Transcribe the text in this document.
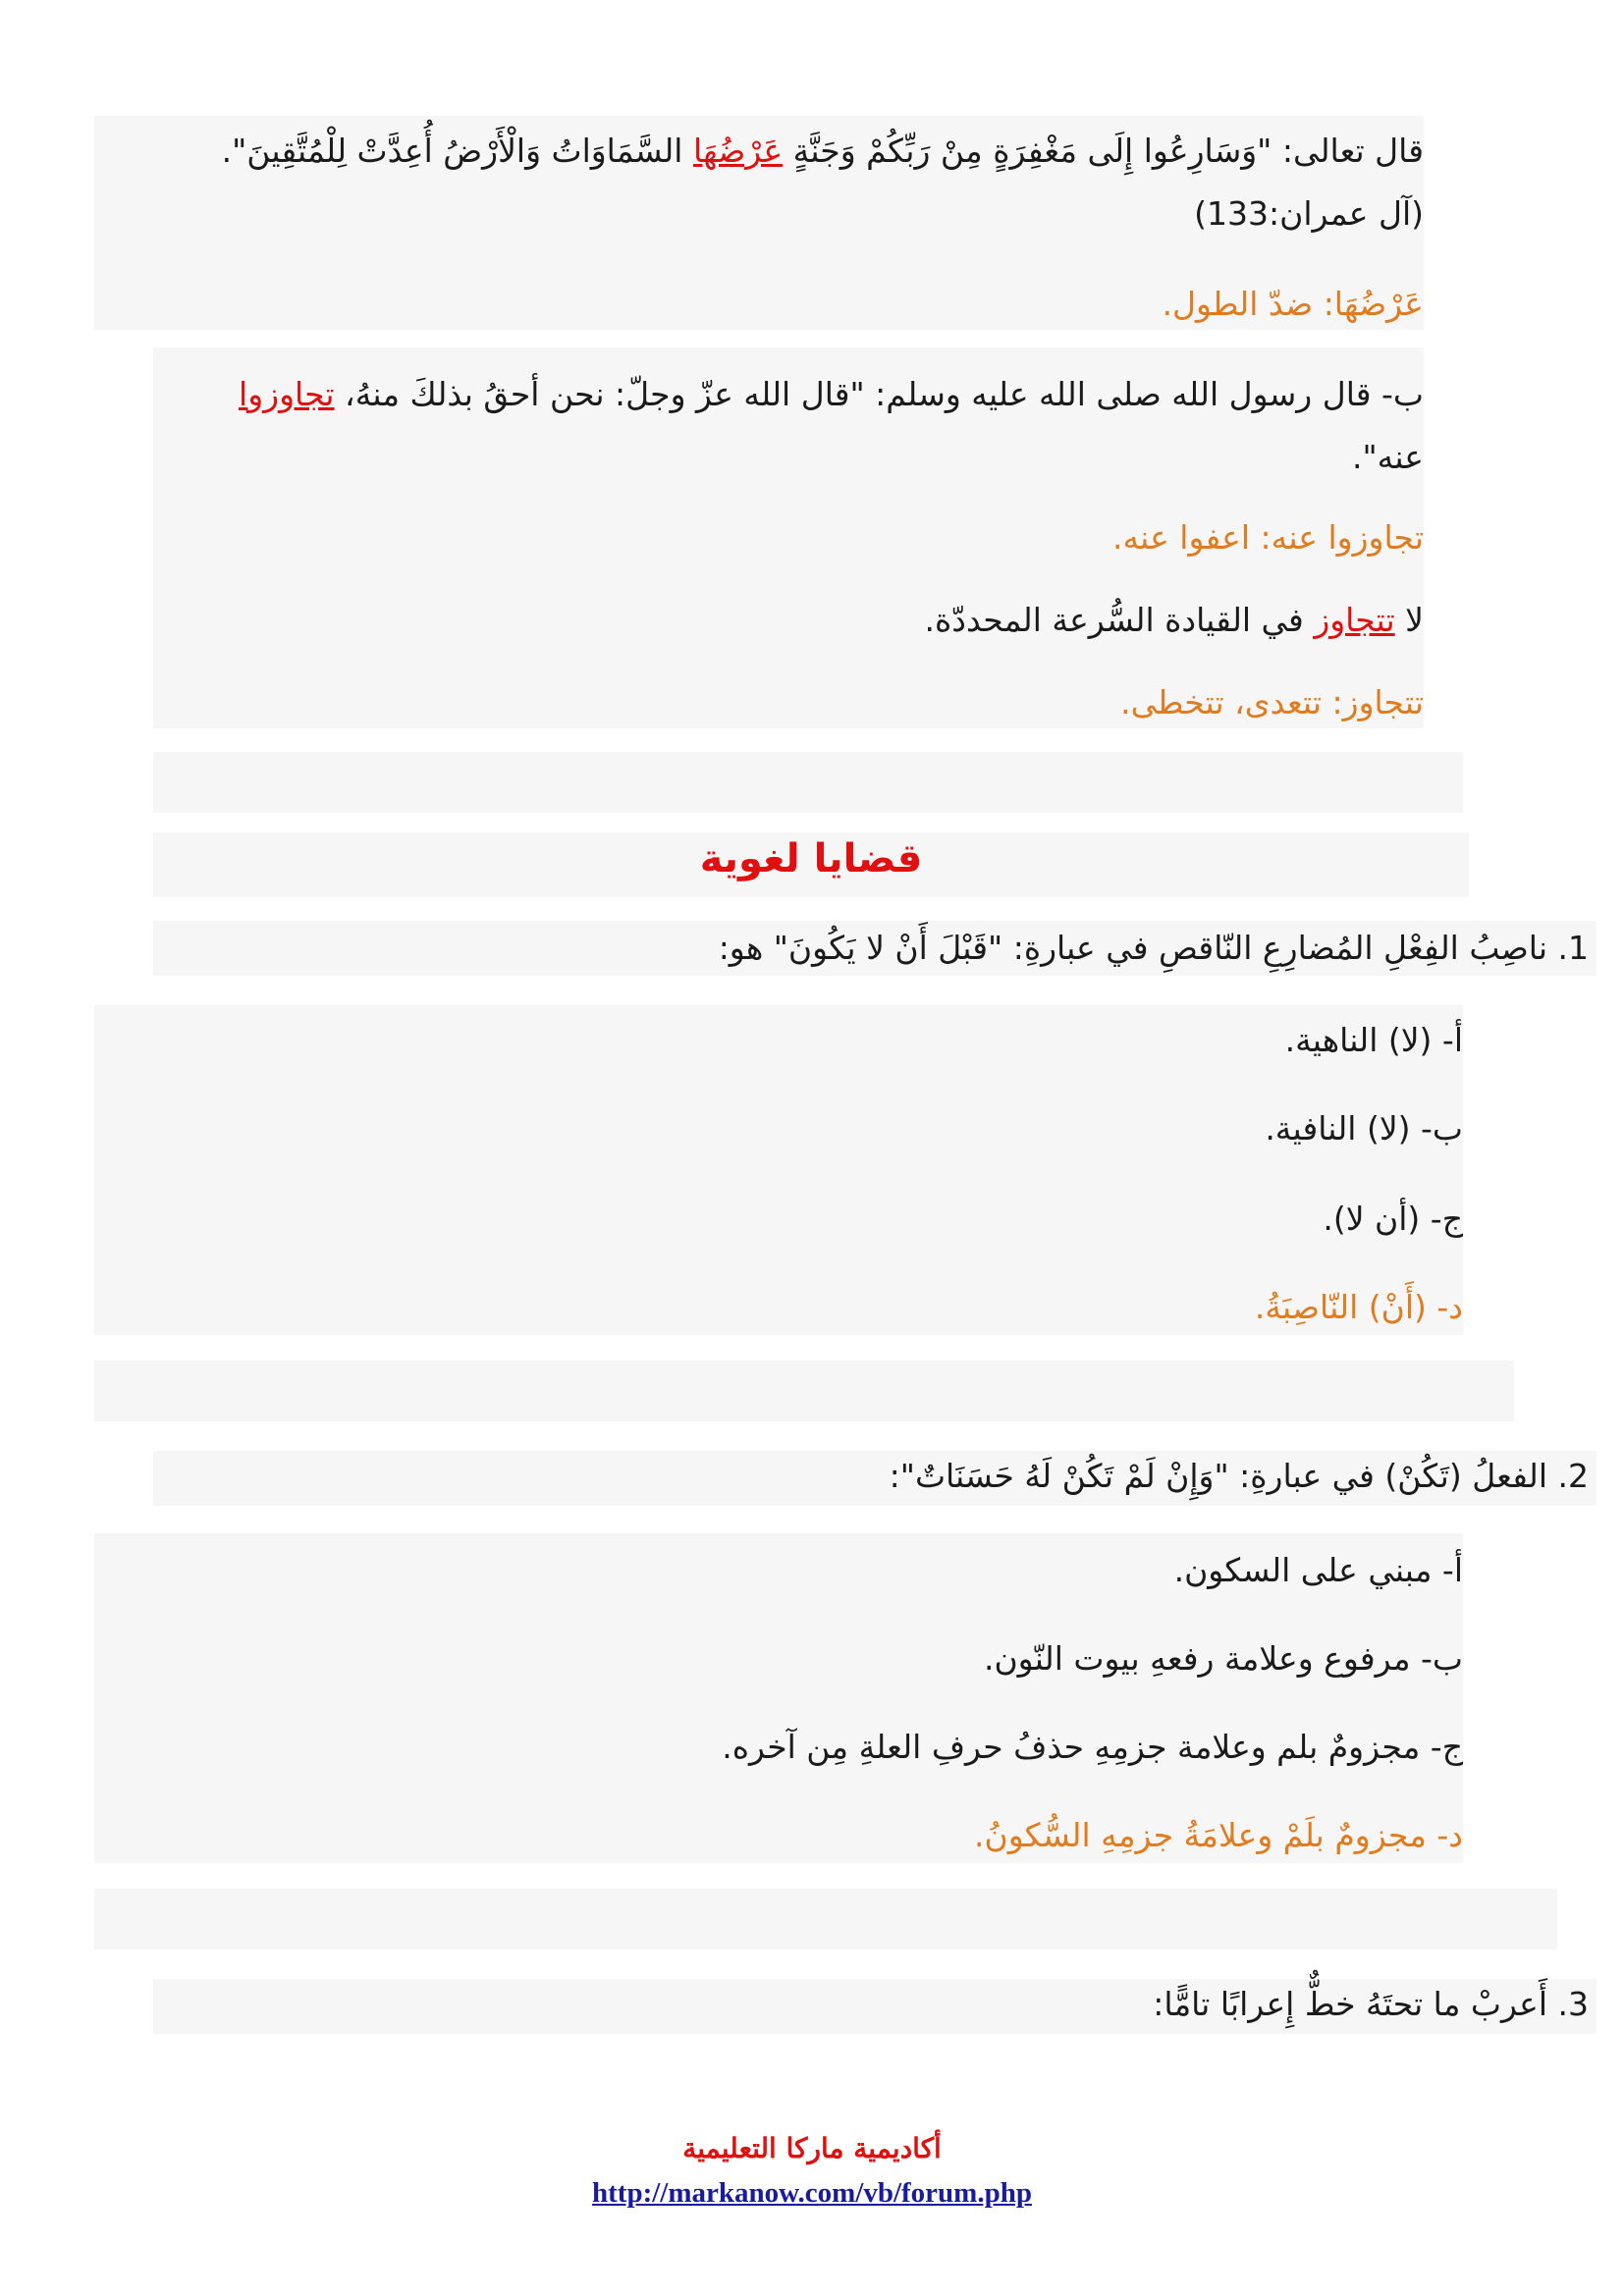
قال تعالى: "وَسَارِعُوا إِلَى مَغْفِرَةٍ مِنْ رَبِّكُمْ وَجَنَّةٍ عَرْضُهَا السَّمَاوَاتُ وَالْأَرْضُ أُعِدَّتْ لِلْمُتَّقِينَ".
(آل عمران:133)
عَرْضُهَا: ضدّ الطول.
ب- قال رسول الله صلى الله عليه وسلم: "قال الله عزّ وجلّ: نحن أحقُ بذلكَ منهُ، تجاوزوا
عنه".
تجاوزوا عنه: اعفوا عنه.
لا تتجاوز في القيادة السُّرعة المحددّة.
تتجاوز: تتعدى، تتخطى.
قضايا لغوية
1. ناصِبُ الفِعْلِ المُضارِعِ النّاقصِ في عبارةِ: "قَبْلَ أَنْ لا يَكُونَ" هو:
أ- (لا) الناهية.
ب- (لا) النافية.
ج- (أن لا).
د- (أَنْ) النّاصِبَةُ.
2. الفعلُ (تَكُنْ) في عبارةِ: "وَإِنْ لَمْ تَكُنْ لَهُ حَسَنَاتٌ":
أ- مبني على السكون.
ب- مرفوع وعلامة رفعهِ بيوت النّون.
ج- مجزومٌ بلم وعلامة جزمِهِ حذفُ حرفِ العلةِ مِن آخره.
د- مجزومٌ بلَمْ وعلامَةُ جزمِهِ السُّكونُ.
3. أَعربْ ما تحتَهُ خطٌّ إِعرابًا تامًّا:
أكاديمية ماركا التعليمية
http://markanow.com/vb/forum.php
